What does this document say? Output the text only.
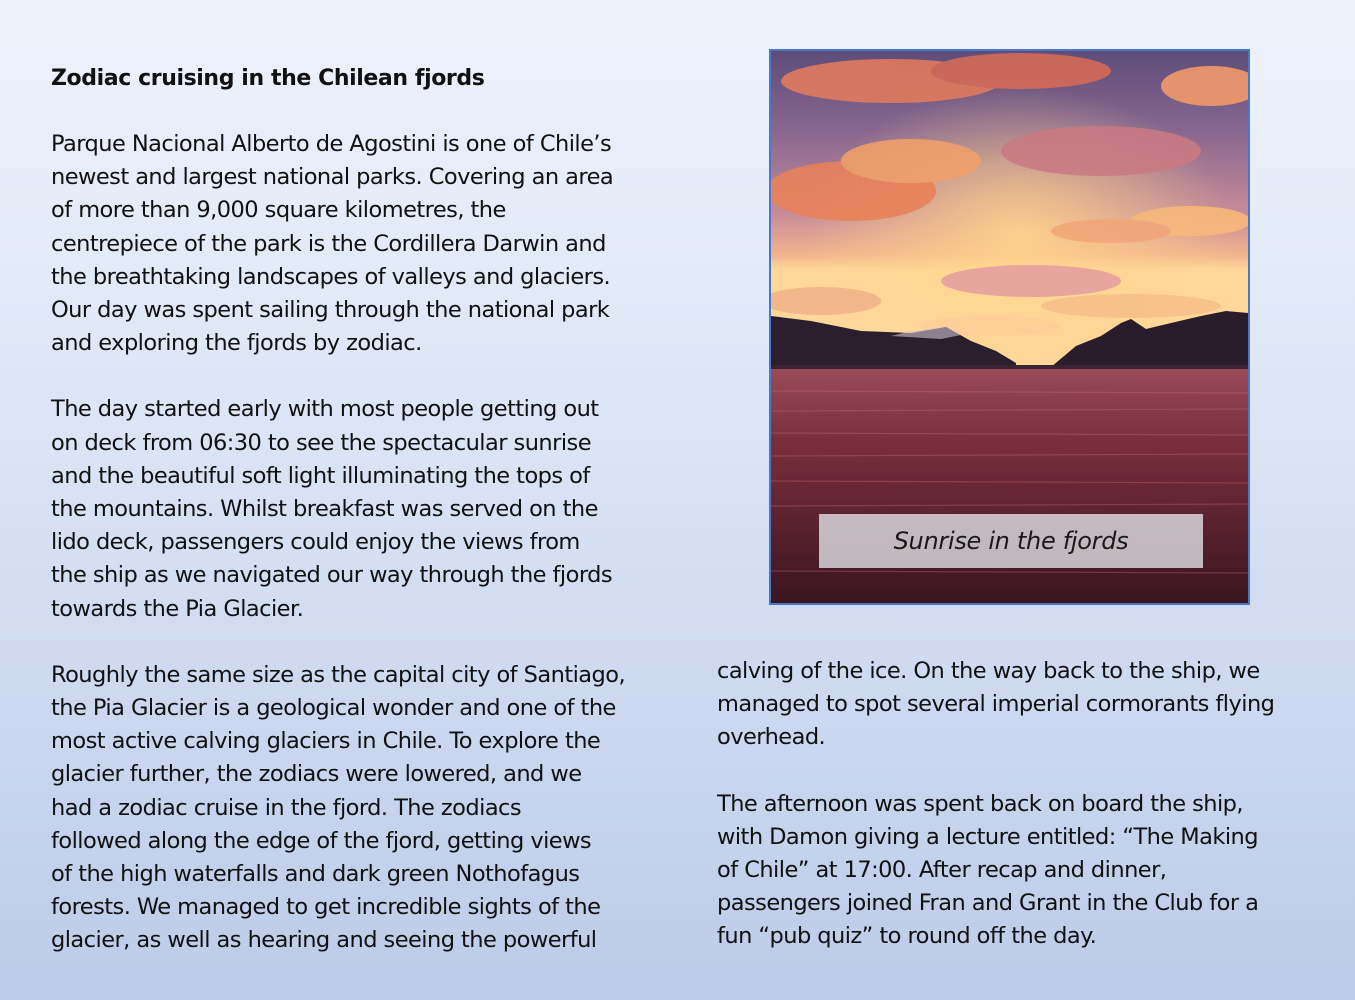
Zodiac cruising in the Chilean fjords

Parque Nacional Alberto de Agostini is one of Chile’s
newest and largest national parks. Covering an area
of more than 9,000 square kilometres, the
centrepiece of the park is the Cordillera Darwin and
the breathtaking landscapes of valleys and glaciers.
Our day was spent sailing through the national park
and exploring the fjords by zodiac.

The day started early with most people getting out
on deck from 06:30 to see the spectacular sunrise
and the beautiful soft light illuminating the tops of
the mountains. Whilst breakfast was served on the
lido deck, passengers could enjoy the views from
the ship as we navigated our way through the fjords
towards the Pia Glacier.

Roughly the same size as the capital city of Santiago,
the Pia Glacier is a geological wonder and one of the
most active calving glaciers in Chile. To explore the
glacier further, the zodiacs were lowered, and we
had a zodiac cruise in the fjord. The zodiacs
followed along the edge of the fjord, getting views
of the high waterfalls and dark green Nothofagus
forests. We managed to get incredible sights of the
glacier, as well as hearing and seeing the powerful

Sunrise in the fjords

calving of the ice. On the way back to the ship, we
managed to spot several imperial cormorants flying
overhead.

The afternoon was spent back on board the ship,
with Damon giving a lecture entitled: “The Making
of Chile” at 17:00. After recap and dinner,
passengers joined Fran and Grant in the Club for a
fun “pub quiz” to round off the day.
